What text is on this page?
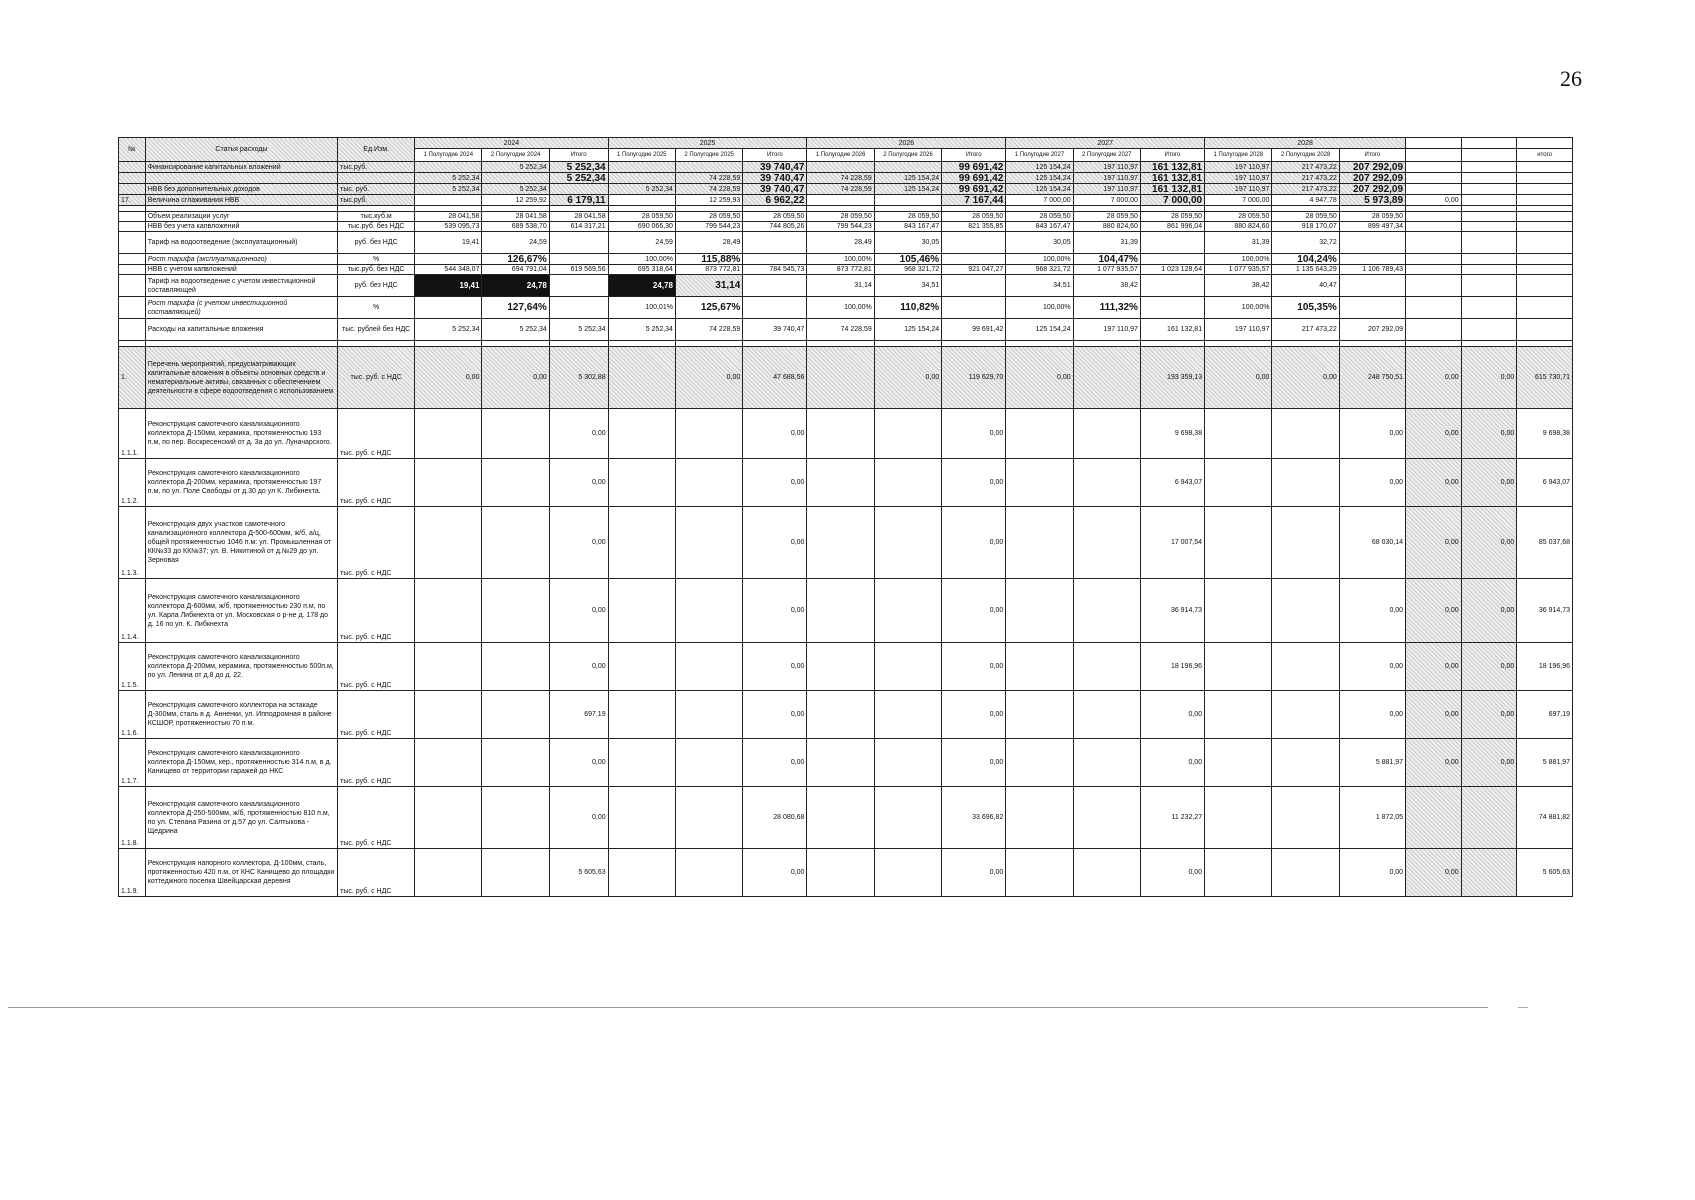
26
№	Статья расходы	Ед.Изм.	2024			2025			2026			2027			2028					
			1 Полугодие 2024	2 Полугодие 2024	Итого	1 Полугодие 2025	2 Полугодие 2025	Итого	1 Полугодие 2026	2 Полугодие 2026	Итого	1 Полугодие 2027	2 Полугодие 2027	Итого	1 Полугодие 2028	2 Полугодие 2028	Итого			итого
	Финансирование капитальных вложений	тыс.руб.		5 252,34	5 252,34			39 740,47			99 691,42	125 154,24	197 110,97	161 132,81	197 110,97	217 473,22	207 292,09			
			5 252,34		5 252,34		74 228,59	39 740,47	74 228,59	125 154,24	99 691,42	125 154,24	197 110,97	161 132,81	197 110,97	217 473,22	207 292,09			
	НВВ без дополнительных доходов	тыс. руб.	5 252,34	5 252,34		5 252,34	74 228,59	39 740,47	74 228,59	125 154,24	99 691,42	125 154,24	197 110,97	161 132,81	197 110,97	217 473,22	207 292,09			
17.	Величина сглаживания НВВ	тыс.руб.		12 259,92	6 179,11		12 259,93	6 962,22			7 167,44	7 000,00	7 000,00	7 000,00	7 000,00	4 947,78	5 973,89	0,00		

	Объем реализации услуг	тыс.куб.м	28 041,58	28 041,58	28 041,58	28 059,50	28 059,50	28 059,50	28 059,50	28 059,50	28 059,50	28 059,50	28 059,50	28 059,50	28 059,50	28 059,50	28 059,50			
	НВВ без учета капвложений	тыс.руб. без НДС	539 095,73	689 538,70	614 317,21	690 066,30	799 544,23	744 805,26	799 544,23	843 167,47	821 355,85	843 167,47	880 824,60	861 996,04	880 824,60	918 170,07	899 497,34			
	Тариф на водоотведение (эксплуатационный)	руб. без НДС	19,41	24,59		24,59	28,49		28,49	30,05		30,05	31,39		31,39	32,72				
	Рост тарифа (эксплуатационного)	%		126,67%		100,00%	115,88%		100,00%	105,46%		100,00%	104,47%		100,00%	104,24%				
	НВВ с учетом капвложений	тыс.руб. без НДС	544 348,07	694 791,04	619 569,56	695 318,64	873 772,81	784 545,73	873 772,81	968 321,72	921 047,27	968 321,72	1 077 935,57	1 023 128,64	1 077 935,57	1 135 643,29	1 106 789,43			
	Тариф на водоотведение с учетом инвестиционной составляющей	руб. без НДС	19,41	24,78		24,78	31,14		31,14	34,51		34,51	38,42		38,42	40,47				
	Рост тарифа (с учетом инвестиционной составляющей)	%		127,64%		100,01%	125,67%		100,00%	110,82%		100,00%	111,32%		100,00%	105,35%				
	Расходы на капитальные вложения	тыс. рублей без НДС	5 252,34	5 252,34	5 252,34	5 252,34	74 228,59	39 740,47	74 228,59	125 154,24	99 691,42	125 154,24	197 110,97	161 132,81	197 110,97	217 473,22	207 292,09			

1.	Перечень мероприятий, предусматривающих капитальные вложения в объекты основных средств и нематериальные активы, связанных с обеспечением деятельности в сфере водоотведения с использованием	тыс. руб. с НДС	0,00	0,00	5 302,88		0,00	47 688,56		0,00	119 629,70	0,00		193 359,13	0,00	0,00	248 750,51	0,00	0,00	615 730,71
1.1.1.	Реконструкция самотечного канализационного коллектора Д-150мм, керамика, протяженностью 193 п.м, по пер. Воскресенский от д. 3а до ул. Луначарского.	тыс. руб. с НДС			0,00			0,00			0,00			9 698,38			0,00	0,00	0,00	9 698,38
1.1.2.	Реконструкция самотечного канализационного коллектора Д-200мм, керамика, протяженностью 197 п.м, по ул. Поле Свободы от д.30 до ул К. Либкнехта.	тыс. руб. с НДС			0,00			0,00			0,00			6 943,07			0,00	0,00	0,00	6 943,07
1.1.3.	Реконструкция двух участков самотечного канализационного коллектора Д-500-600мм, ж/б, а/ц, общей протяженностью 1046 п.м: ул. Промышленная от КК№33 до КК№37; ул. В. Никитиной от д.№29 до ул. Зерновая	тыс. руб. с НДС			0,00			0,00			0,00			17 007,54			68 030,14	0,00	0,00	85 037,68
1.1.4.	Реконструкция самотечного канализационного коллектора Д-600мм, ж/б, протяженностью 230 п.м, по ул. Карла Либкнехта от ул. Московская о р-не д. 178 до д. 16 по ул. К. Либкнехта	тыс. руб. с НДС			0,00			0,00			0,00			36 914,73			0,00	0,00	0,00	36 914,73
1.1.5.	Реконструкция самотечного канализационного коллектора Д-200мм, керамика, протяженностью 500п.м, по ул. Ленина от д.8 до д. 22.	тыс. руб. с НДС			0,00			0,00			0,00			18 196,96			0,00	0,00	0,00	18 196,96
1.1.6.	Реконструкция самотечного коллектора на эстакаде Д-300мм, сталь в д. Анненки, ул. Ипподромная в районе КСШОР, протяженностью 70 п.м.	тыс. руб. с НДС			697,19			0,00			0,00			0,00			0,00	0,00	0,00	697,19
1.1.7.	Реконструкция самотечного канализационного коллектора Д-150мм, кер., протяженностью 314 п.м, в д. Канищево от территории гаражей до НКС	тыс. руб. с НДС			0,00			0,00			0,00			0,00			5 881,97	0,00	0,00	5 881,97
1.1.8.	Реконструкция самотечного канализационного коллектора Д-250-500мм, ж/б, протяженностью 810 п.м, по ул. Степана Разина от д.57 до ул. Салтыкова - Щедрина	тыс. руб. с НДС			0,00			28 080,68			33 696,82			11 232,27			1 872,05			74 881,82
1.1.9.	Реконструкция напорного коллектора, Д-100мм, сталь, протяженностью 420 п.м, от КНС Канищево до площадки коттеджного поселка Швейцарская деревня	тыс. руб. с НДС			5 605,63			0,00			0,00			0,00			0,00	0,00		5 605,63
